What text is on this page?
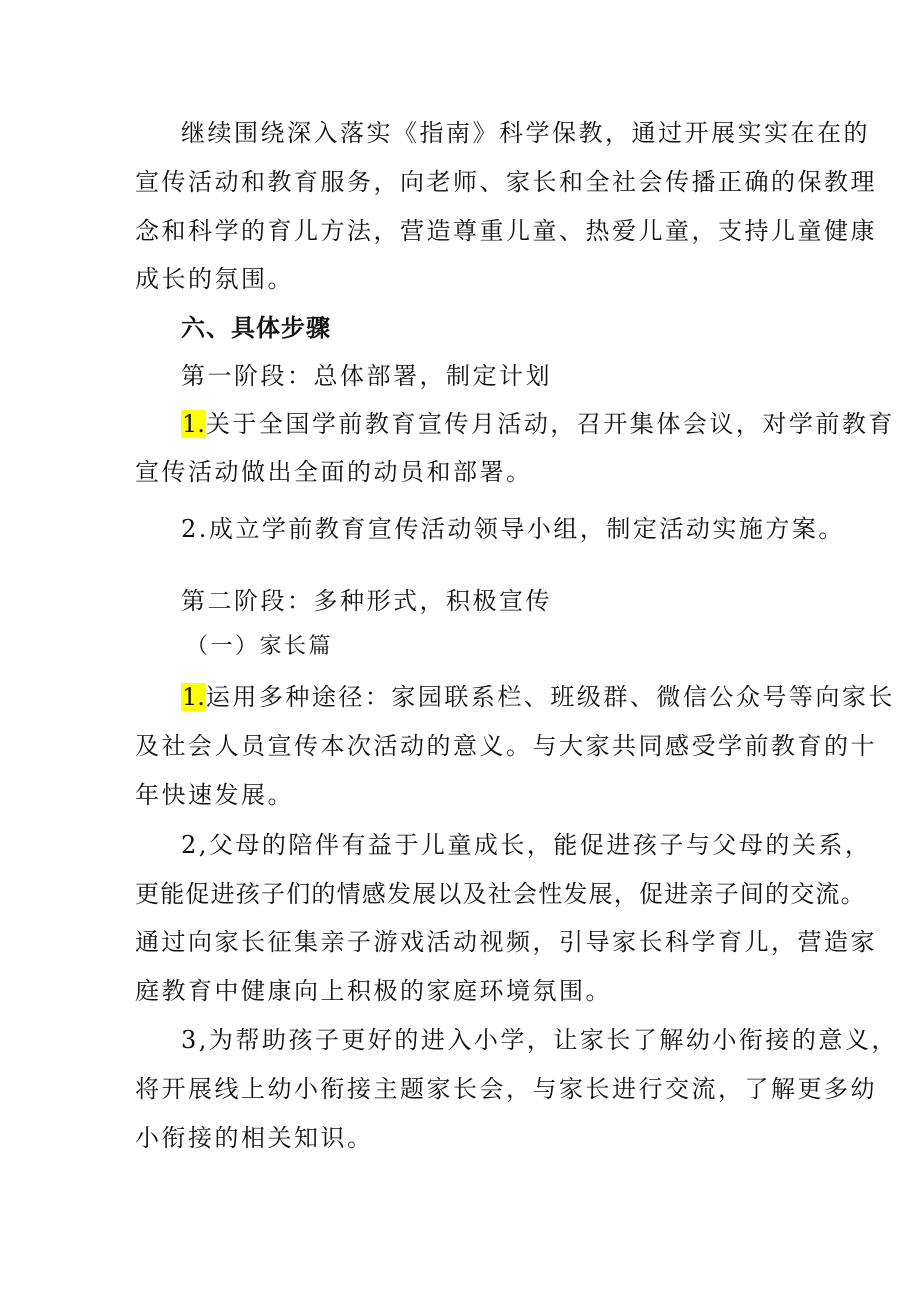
继续围绕深入落实《指南》科学保教，通过开展实实在在的
宣传活动和教育服务，向老师、家长和全社会传播正确的保教理
念和科学的育儿方法，营造尊重儿童、热爱儿童，支持儿童健康
成长的氛围。
六、具体步骤
第一阶段：总体部署，制定计划
1.关于全国学前教育宣传月活动，召开集体会议，对学前教育
宣传活动做出全面的动员和部署。
2.成立学前教育宣传活动领导小组，制定活动实施方案。
第二阶段：多种形式，积极宣传
（一）家长篇
1.运用多种途径：家园联系栏、班级群、微信公众号等向家长
及社会人员宣传本次活动的意义。与大家共同感受学前教育的十
年快速发展。
2,父母的陪伴有益于儿童成长，能促进孩子与父母的关系，
更能促进孩子们的情感发展以及社会性发展，促进亲子间的交流。
通过向家长征集亲子游戏活动视频，引导家长科学育儿，营造家
庭教育中健康向上积极的家庭环境氛围。
3,为帮助孩子更好的进入小学，让家长了解幼小衔接的意义，
将开展线上幼小衔接主题家长会，与家长进行交流，了解更多幼
小衔接的相关知识。
